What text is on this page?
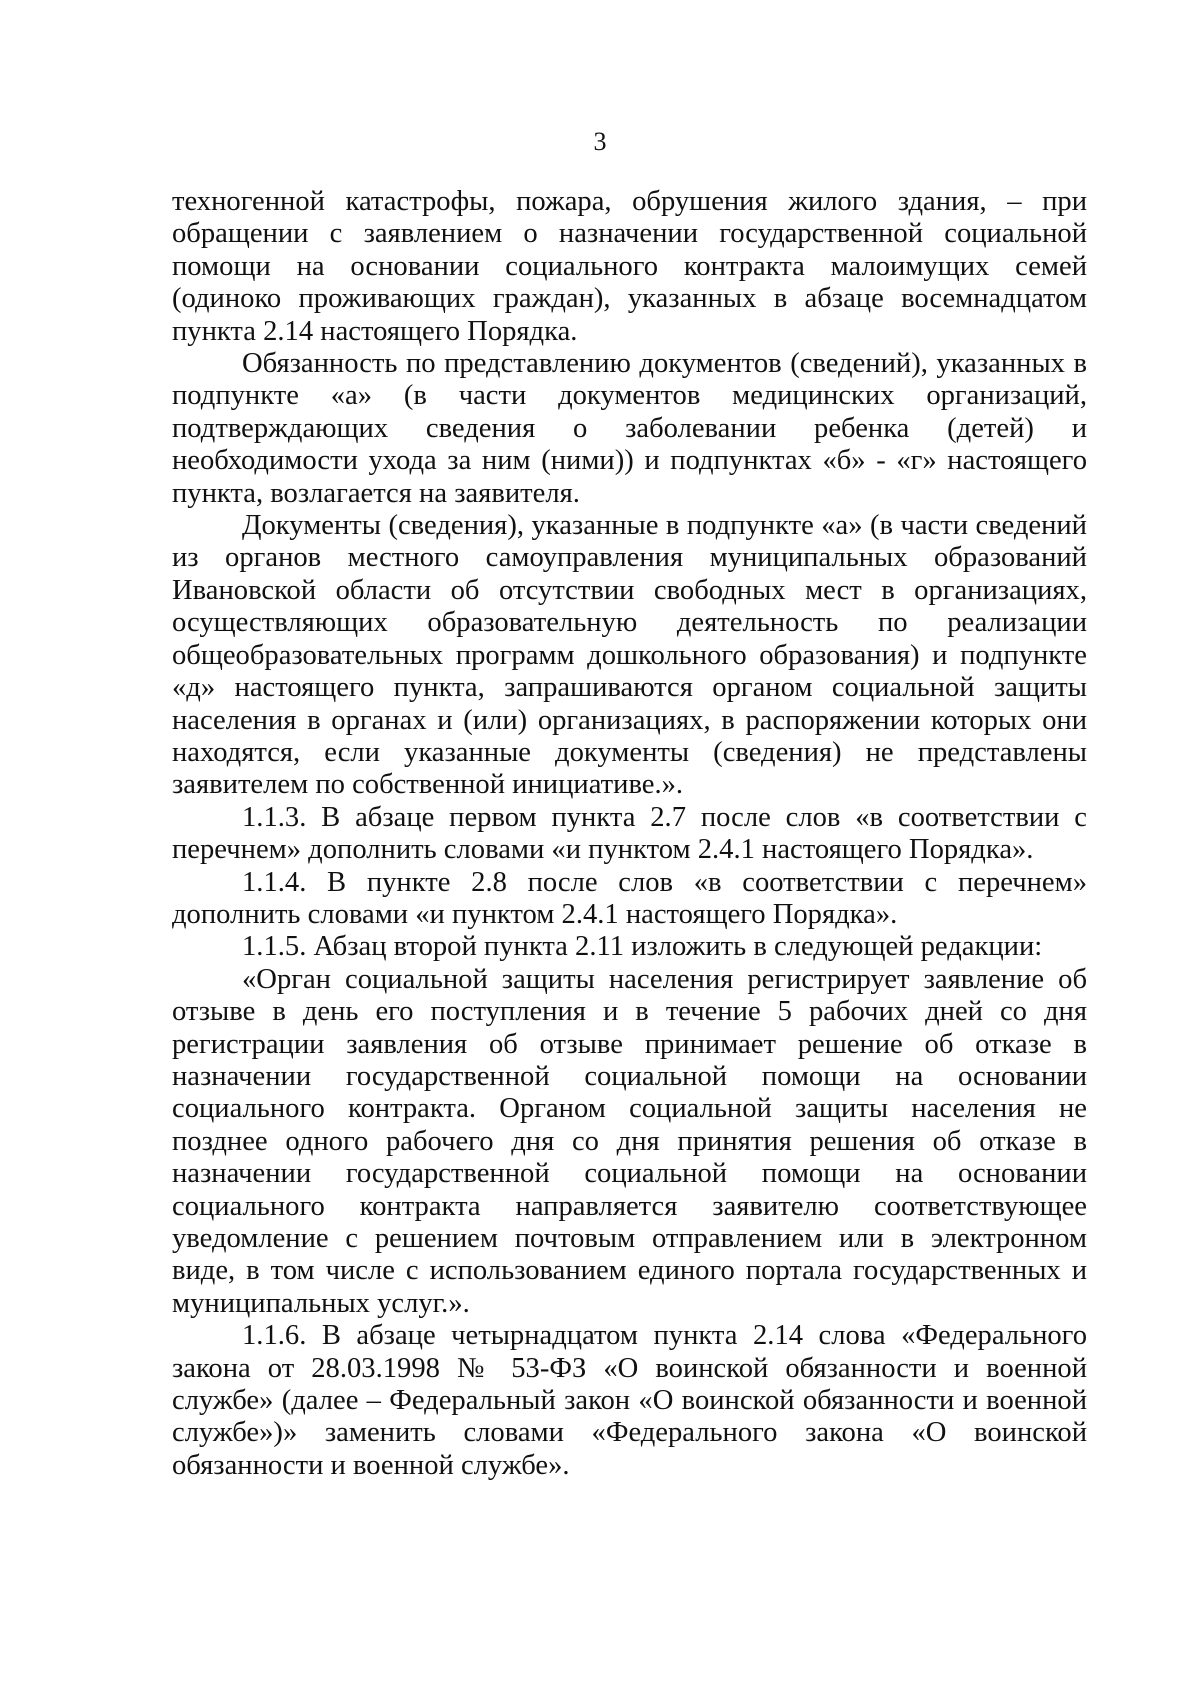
3

техногенной катастрофы, пожара, обрушения жилого здания, – при обращении с заявлением о назначении государственной социальной помощи на основании социального контракта малоимущих семей (одиноко проживающих граждан), указанных в абзаце восемнадцатом пункта 2.14 настоящего Порядка.

Обязанность по представлению документов (сведений), указанных в подпункте «а» (в части документов медицинских организаций, подтверждающих сведения о заболевании ребенка (детей) и необходимости ухода за ним (ними)) и подпунктах «б» - «г» настоящего пункта, возлагается на заявителя.

Документы (сведения), указанные в подпункте «а» (в части сведений из органов местного самоуправления муниципальных образований Ивановской области об отсутствии свободных мест в организациях, осуществляющих образовательную деятельность по реализации общеобразовательных программ дошкольного образования) и подпункте «д» настоящего пункта, запрашиваются органом социальной защиты населения в органах и (или) организациях, в распоряжении которых они находятся, если указанные документы (сведения) не представлены заявителем по собственной инициативе.».

1.1.3. В абзаце первом пункта 2.7 после слов «в соответствии с перечнем» дополнить словами «и пунктом 2.4.1 настоящего Порядка».

1.1.4. В пункте 2.8 после слов «в соответствии с перечнем» дополнить словами «и пунктом 2.4.1 настоящего Порядка».

1.1.5. Абзац второй пункта 2.11 изложить в следующей редакции:

«Орган социальной защиты населения регистрирует заявление об отзыве в день его поступления и в течение 5 рабочих дней со дня регистрации заявления об отзыве принимает решение об отказе в назначении государственной социальной помощи на основании социального контракта. Органом социальной защиты населения не позднее одного рабочего дня со дня принятия решения об отказе в назначении государственной социальной помощи на основании социального контракта направляется заявителю соответствующее уведомление с решением почтовым отправлением или в электронном виде, в том числе с использованием единого портала государственных и муниципальных услуг.».

1.1.6. В абзаце четырнадцатом пункта 2.14 слова «Федерального закона от 28.03.1998 № 53-ФЗ «О воинской обязанности и военной службе» (далее – Федеральный закон «О воинской обязанности и военной службе»)» заменить словами «Федерального закона «О воинской обязанности и военной службе».
